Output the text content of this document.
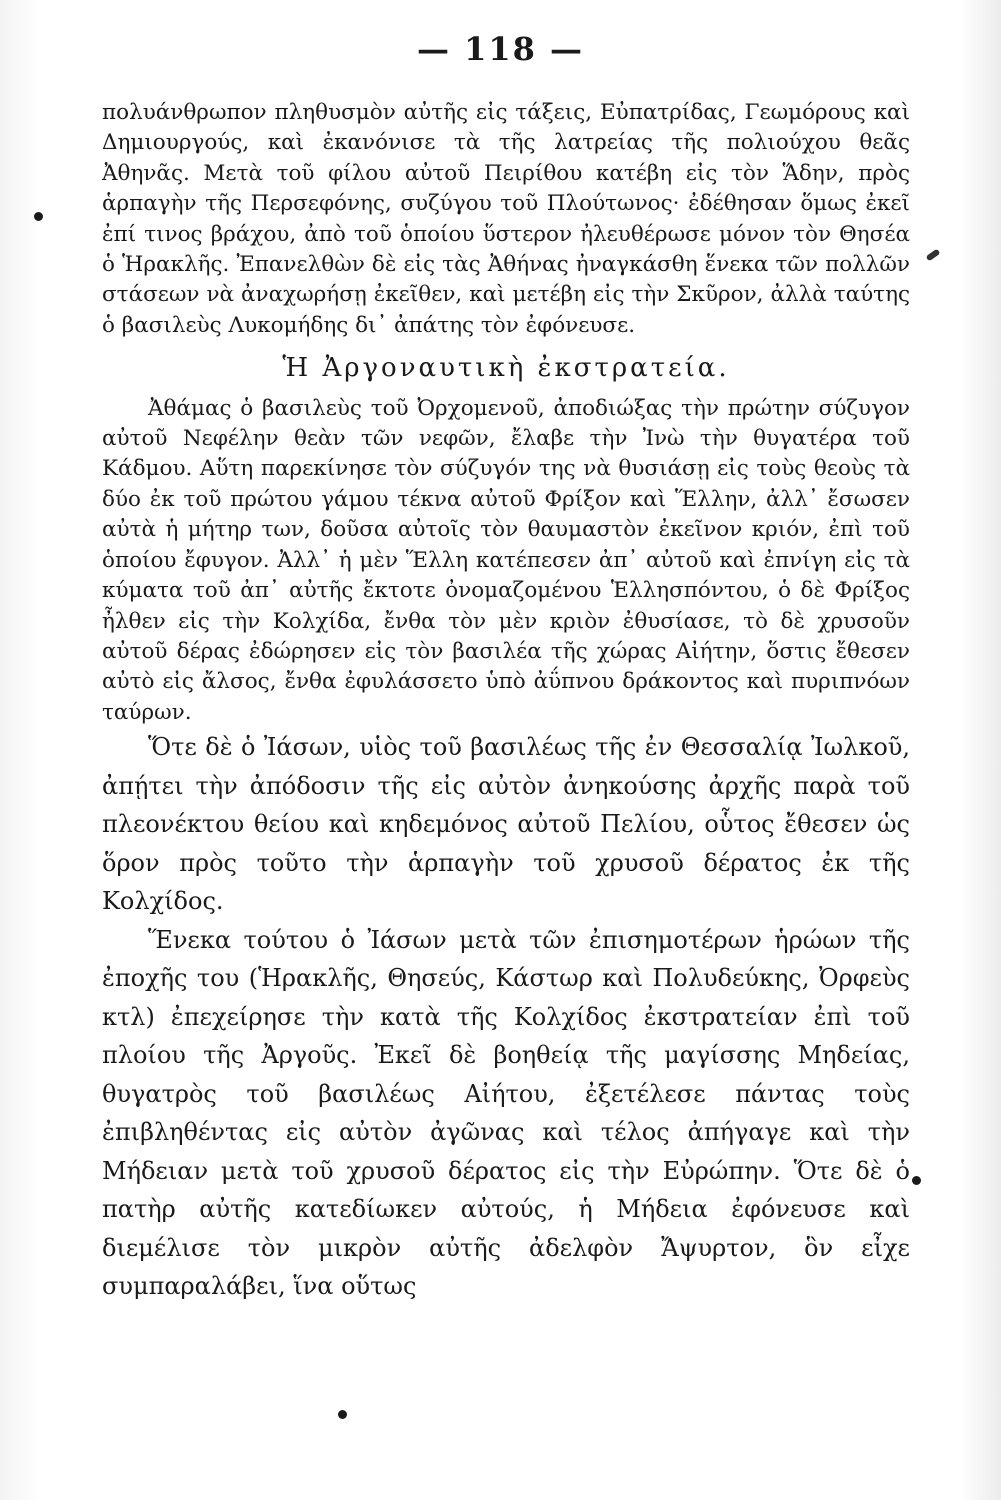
— 118 —

πολυάνθρωπον πληθυσμὸν αὐτῆς εἰς τάξεις, Εὐπατρίδας, Γεωμόρους καὶ Δημιουργούς, καὶ ἐκανόνισε τὰ τῆς λατρείας τῆς πολιούχου θεᾶς Ἀθηνᾶς. Μετὰ τοῦ φίλου αὐτοῦ Πειρίθου κατέβη εἰς τὸν Ἅδην, πρὸς ἁρπαγὴν τῆς Περσεφόνης, συζύγου τοῦ Πλούτωνος· ἐδέθησαν ὅμως ἐκεῖ ἐπί τινος βράχου, ἀπὸ τοῦ ὁποίου ὕστερον ἠλευθέρωσε μόνον τὸν Θησέα ὁ Ἡρακλῆς. Ἐπανελθὼν δὲ εἰς τὰς Ἀθήνας ἠναγκάσθη ἕνεκα τῶν πολλῶν στάσεων νὰ ἀναχωρήσῃ ἐκεῖθεν, καὶ μετέβη εἰς τὴν Σκῦρον, ἀλλὰ ταύτης ὁ βασιλεὺς Λυκομήδης δι᾽ ἀπάτης τὸν ἐφόνευσε.

Ἡ Ἀργοναυτικὴ ἐκστρατεία.

Ἀθάμας ὁ βασιλεὺς τοῦ Ὀρχομενοῦ, ἀποδιώξας τὴν πρώτην σύζυγον αὐτοῦ Νεφέλην θεὰν τῶν νεφῶν, ἔλαβε τὴν Ἰνὼ τὴν θυγατέρα τοῦ Κάδμου. Αὕτη παρεκίνησε τὸν σύζυγόν της νὰ θυσιάσῃ εἰς τοὺς θεοὺς τὰ δύο ἐκ τοῦ πρώτου γάμου τέκνα αὐτοῦ Φρίξον καὶ Ἕλλην, ἀλλ᾽ ἔσωσεν αὐτὰ ἡ μήτηρ των, δοῦσα αὐτοῖς τὸν θαυμαστὸν ἐκεῖνον κριόν, ἐπὶ τοῦ ὁποίου ἔφυγον. Ἀλλ᾽ ἡ μὲν Ἕλλη κατέπεσεν ἀπ᾽ αὐτοῦ καὶ ἐπνίγη εἰς τὰ κύματα τοῦ ἀπ᾽ αὐτῆς ἔκτοτε ὀνομαζομένου Ἑλλησπόντου, ὁ δὲ Φρίξος ἦλθεν εἰς τὴν Κολχίδα, ἔνθα τὸν μὲν κριὸν ἐθυσίασε, τὸ δὲ χρυσοῦν αὐτοῦ δέρας ἐδώρησεν εἰς τὸν βασιλέα τῆς χώρας Αἰήτην, ὅστις ἔθεσεν αὐτὸ εἰς ἄλσος, ἔνθα ἐφυλάσσετο ὑπὸ ἀΰπνου δράκοντος καὶ πυριπνόων ταύρων.

Ὅτε δὲ ὁ Ἰάσων, υἱὸς τοῦ βασιλέως τῆς ἐν Θεσσαλίᾳ Ἰωλκοῦ, ἀπῄτει τὴν ἀπόδοσιν τῆς εἰς αὐτὸν ἀνηκούσης ἀρχῆς παρὰ τοῦ πλεονέκτου θείου καὶ κηδεμόνος αὐτοῦ Πελίου, οὗτος ἔθεσεν ὡς ὅρον πρὸς τοῦτο τὴν ἁρπαγὴν τοῦ χρυσοῦ δέρατος ἐκ τῆς Κολχίδος.

Ἕνεκα τούτου ὁ Ἰάσων μετὰ τῶν ἐπισημοτέρων ἡρώων τῆς ἐποχῆς του (Ἡρακλῆς, Θησεύς, Κάστωρ καὶ Πολυδεύκης, Ὀρφεὺς κτλ) ἐπεχείρησε τὴν κατὰ τῆς Κολχίδος ἐκστρατείαν ἐπὶ τοῦ πλοίου τῆς Ἀργοῦς. Ἐκεῖ δὲ βοηθείᾳ τῆς μαγίσσης Μηδείας, θυγατρὸς τοῦ βασιλέως Αἰήτου, ἐξετέλεσε πάντας τοὺς ἐπιβληθέντας εἰς αὐτὸν ἀγῶνας καὶ τέλος ἀπήγαγε καὶ τὴν Μήδειαν μετὰ τοῦ χρυσοῦ δέρατος εἰς τὴν Εὐρώπην. Ὅτε δὲ ὁ πατὴρ αὐτῆς κατεδίωκεν αὐτούς, ἡ Μήδεια ἐφόνευσε καὶ διεμέλισε τὸν μικρὸν αὐτῆς ἀδελφὸν Ἄψυρτον, ὃν εἶχε συμπαραλάβει, ἵνα οὕτως
